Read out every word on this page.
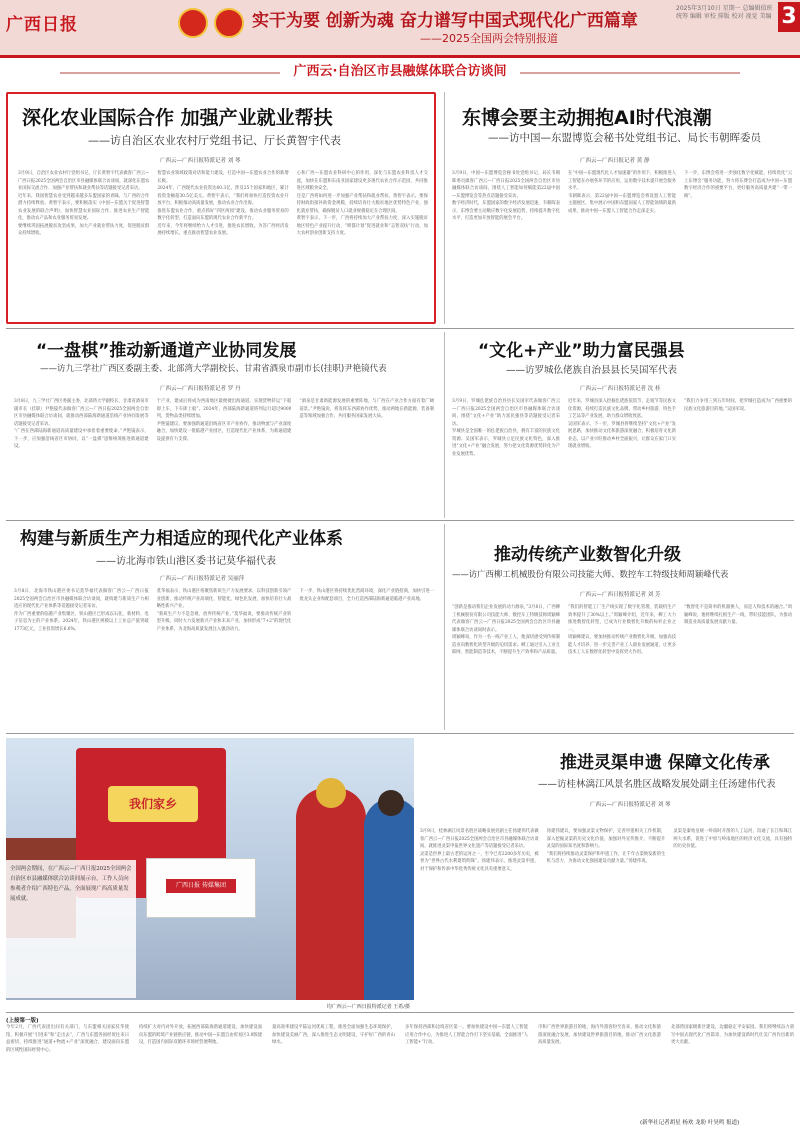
广西日报	实干为要 创新为魂 奋力谱写中国式现代化广西篇章
——2025全国两会特别报道
2025年3月10日 星期一 总编辑值班 统筹 编辑 审校 排版 校对 视觉 美编 3
广西云·自治区市县融媒体联合访谈间
深化农业国际合作 加强产业就业帮扶
——访自治区农业农村厅党组书记、厅长黄智宇代表
广西云—广西日报特派记者 刘 琴

3月9日，自治区农业农村厅党组书记、厅长黄智宇代表做客广西云—广西日报2025全国两会自治区市县融媒体联合访谈间，就深化东盟农业国际交流合作、加强产业帮扶和就业帮扶等话题接受记者采访。

近年来，我国智慧农业受到越来越多东盟国家的青睐，与广西的合作潜力持续释放。黄智宇表示，要积极落实《中国—东盟关于促进智慧农业发展的联合声明》，加快智慧农业国际合作，推进农业生产智能化，推动农产品和农业服务贸易发展。

要继续巩固拓展脱贫攻坚成果，加大产业就业帮扶力度，促进脱贫群众持续增收。

智慧农业领域政策对话和能力建设，打造中国—东盟农业合作的新增长极。

2024年，广西现代农业投资达60.3亿，涉及25个国家和地区，累计投资金额超30.5亿美元。黄智宇表示，“我们将加快打造投资农业开放平台，积极推动高质量发展，推动农业合作出海。

推进东盟农业合作，重点抓好“四区两园”建设，推动农业服务贸易的数字化转型，打造面向东盟的现代农业合作新平台。

近年来，今年将继续给力人才引进，推进农民增收。为答广西经济发展持续增长，重点推动智慧农业发展。

心和广西—东盟农业科研中心的作用，深化与东盟农业科技人才交流，加快在东盟和东南亚国家建设更多现代农业合作示范园，共同推进区域粮食安全。

还是广西将如何进一步加强产业帮扶和就业帮扶，黄智宇表示，要保持财政衔接补助资金规模，持续培育壮大脱贫地区优势特色产业，强化就业帮扶，确保脱贫人口就业规模稳定在合理区间。

黄智宇表示，下一步，广西将持续加大产业帮扶力度，深入实施脱贫地区特色产业提升行动，“圳都计划”促进就业和“志智双扶”行动，加大农村创业创新支持力度。

东博会要主动拥抱AI时代浪潮
——访中国—东盟博览会秘书处党组书记、局长韦朝晖委员
广西云—广西日报记者 黄 静

3月9日，中国—东盟博览会秘书处党组书记、局长韦朝晖委员做客广西云—广西日报2025全国两会自治区市县融媒体联合访谈间，围绕人工智能如何赋能第22届中国—东盟博览会等热点话题接受采访。

数字经济时代，东盟国家的数字经济发展迅速，韦朝晖表示，东博会要主动顺应数字化发展趋势，持续提升数字化水平，打造更加开放智能的展会平台。

在“中国—东盟现代化人才加速器”的作用下，积极推进人工智能在办展各环节的应用，运用数字技术提升展会服务水平。

韦朝晖表示，第22届中国—东盟博览会将设置人工智能主题展区，集中展示中国和东盟国家人工智能领域的最新成果，推动中国—东盟人工智能合作走深走实。

下一步，东博会将进一步强化数字化赋能，持续优化“云上东博会”服务功能，努力将东博会打造成为中国—东盟数字经济合作的重要平台，更好服务高质量共建“一带一路”。

“一盘棋”推动新通道产业协同发展
——访九三学社广西区委副主委、北部湾大学副校长、甘肃省酒泉市副市长(挂职)尹艳镜代表
广西云—广西日报特派记者 罗 丹

3月8日，九三学社广西区委副主委、北部湾大学副校长、甘肃省酒泉市副市长（挂职）尹艳镜代表做客广西云—广西日报2025全国两会自治区市县融媒体联合访谈间，就推动西部陆海新通道沿线产业协同发展等话题接受记者采访。

“广西在西部陆海新通道高质量建设中承担着重要使命。”尹艳镜表示，下一步，应加强沿线省区市协同，以“一盘棋”思维统筹推进新通道建设。

于产业，建成后将成为西南地区最便捷出海通道。实现货物转运“下船即上车、下车即上船”。2024年，西部陆海新通道班列运行超过9000列，货物品类持续增加。

尹艳镜建议，要加强新通道沿线省区市产业协作，推动物流与产业深度融合，加快建设一批临港产业园区，打造现代化产业体系，为新通道建设提供有力支撑。

“酒泉是甘肃新能源发展的重要阵地，与广西在产业合作方面有着广阔前景。”尹艳镜说，将发挥东西部协作优势，推动两地在新能源、装备制造等领域加强合作，共同服务国家发展大局。

“文化+产业”助力富民强县
——访罗城仫佬族自治县县长吴国军代表
广西云—广西日报特派记者 沈 桂

3月9日，罗城仫佬族自治县县长吴国军代表做客广西云—广西日报2025全国两会自治区市县融媒体联合访谈间，围绕“文化+产业”助力富民强县等话题接受记者采访。

罗城县是全国唯一的仫佬族自治县，拥有丰富的民族文化资源。吴国军表示，罗城县立足民族文化特色，深入推进“文化+产业”融合发展，努力把文化资源优势转化为产业发展优势。

近年来，罗城县深入挖掘仫佬族依饭节、走坡节等民族文化资源，持续打造民族文化品牌，带动乡村旅游、特色手工艺品等产业发展，助力群众增收致富。

吴国军表示，下一步，罗城县将继续坚持“文化+产业”发展思路，加快推动文化和旅游深度融合，积极培育文化新业态，以产业兴旺推动乡村全面振兴，让群众在家门口实现就业增收。

“我们力争用三到五年时间，把罗城打造成为广西重要的民族文化旅游目的地。”吴国军说。

构建与新质生产力相适应的现代化产业体系
——访北海市铁山港区委书记莫华福代表
广西云—广西日报特派记者 吴丽萍

3月8日，北海市铁山港区委书记莫华福代表做客广西云—广西日报2025全国两会自治区市县融媒体联合访谈间，就构建与新质生产力相适应的现代化产业体系等话题接受记者采访。

作为广西重要的临港产业集聚区，铁山港区已形成以石化、新材料、电子信息为主的产业体系。2024年，铁山港区规模以上工业总产值突破1773亿元，工业投资增长6.6%。

莫华福表示，铁山港区将聚焦新质生产力发展要求，以科技创新引领产业创新，推动传统产业高端化、智能化、绿色化发展，加快培育壮大战略性新兴产业。

“新质生产力不是忽视、放弃传统产业，”莫华福说，要推动传统产业转型升级，同时大力发展新兴产业和未来产业，加快形成“7+2”的现代化产业体系，为北海高质量发展注入强劲动力。

下一步，铁山港区将持续优化营商环境，深化产业链招商，加快引进一批龙头企业和配套项目，全力打造西部陆海新通道临港产业高地。

推动传统产业数智化升级
——访广西柳工机械股份有限公司技能大师、数控车工特级技师周颖峰代表
广西云—广西日报特派记者 刘 芳

“创新是推动我们企业发展的动力源泉，”3月8日，广西柳工机械股份有限公司技能大师、数控车工特级技师周颖峰代表做客广西云—广西日报2025全国两会自治区市县融媒体联合访谈间时表示。

周颖峰说，作为一名一线产业工人，他深切感受到传统制造业向数智化转型升级的迫切需求。柳工通过引入工业互联网、智能制造等技术，不断提升生产效率和产品质量。

“我们的智能工厂生产线实现了数字化管理，装载机生产效率提升了30%以上。”周颖峰介绍，近年来，柳工大力推进数智化转型，已成为行业数智化升级的标杆企业之一。

周颖峰建议，要加快推动传统产业数智化升级，加强高技能人才培养，进一步完善产业工人职业发展通道，让更多技术工人在数智化转型中发挥更大作用。

“数智化不是简单的机器换人，而是人和技术的融合。”周颖峰说，他将继续扎根生产一线，带好技能团队，为推动制造业高质量发展贡献力量。

我们家乡
广西日报 传媒集团
全国两会期间，在广西云—广西日报2025全国两会自治区市县融媒体联合访谈间展示台，工作人员向参观者介绍广西特色产品，全面展现广西高质量发展成就。
均广西云—广西日报特派记者 王希/摄
推进灵渠申遗 保障文化传承
——访桂林漓江风景名胜区战略发展处副主任汤建伟代表
广西云—广西日报特派记者 刘 琴

3月9日，桂林漓江风景名胜区战略发展处副主任汤建伟代表做客广西云—广西日报2025全国两会自治区市县融媒体联合访谈间，就推进灵渠申报世界文化遗产等话题接受记者采访。

灵渠是世界上最古老的运河之一，至今已有2200多年历史，被誉为“世界古代水利建筑明珠”。汤建伟表示，推进灵渠申遗，对于保护和传承中华优秀传统文化具有重要意义。

汤建伟建议，要加强灵渠文物保护，完善申遗相关工作机制，深入挖掘灵渠的历史文化价值，加强对外宣传推介，不断提升灵渠的国际知名度和影响力。

“我们将持续推动灵渠保护和申遗工作，让千年古渠焕发新的生机与活力，为推动文化强国建设贡献力量。”汤建伟说。

灵渠是秦始皇统一岭南时开凿的人工运河，沟通了长江和珠江两大水系，促进了中原与岭南地区的经济文化交流，具有独特的历史价值。

(上接第一版)

今年2月，广西代表团出问有关部门，与东盟相关国家驻华使馆，积极开展“引进来”和“走出去”，广西与东盟各国经贸往来日益密切，持续推进“通道+物流+产业”深度融合，建设面向东盟的区域性国际经贸中心。

持续扩大对内对外开放，拓展西部陆海新通道建设，加快建设面向东盟的跨境产业链供应链，推动中国—东盟自由贸易区3.0版建设，打造国内国际双循环市场经营便利地。

量高效率建设平陆运河优质工程，推进全面加强生态环境保护，加快建设美丽广西，深入推进生态文明建设，守护好广西的青山绿水。

多年保持西部和边境省区第一。要加快建设中国—东盟人工智能应用合作中心，为推进人工智能合作打下坚实基础，全面推进“人工智能+”行动。

市和广西世界旅游目的地，海内外游客纷至沓来，推动文化和旅游深度融合发展，加快建设世界旅游目的地，推动广西文化旅游高质量发展。

北部湾国家级新区建设，边疆稳定平安家园。我们将继续奋力谱写中国式现代化广西篇章，为加快建设新时代壮美广西作出新的更大贡献。

(新华社记者胡星 杨欢 龙盼 叶昊鸣 报道)
